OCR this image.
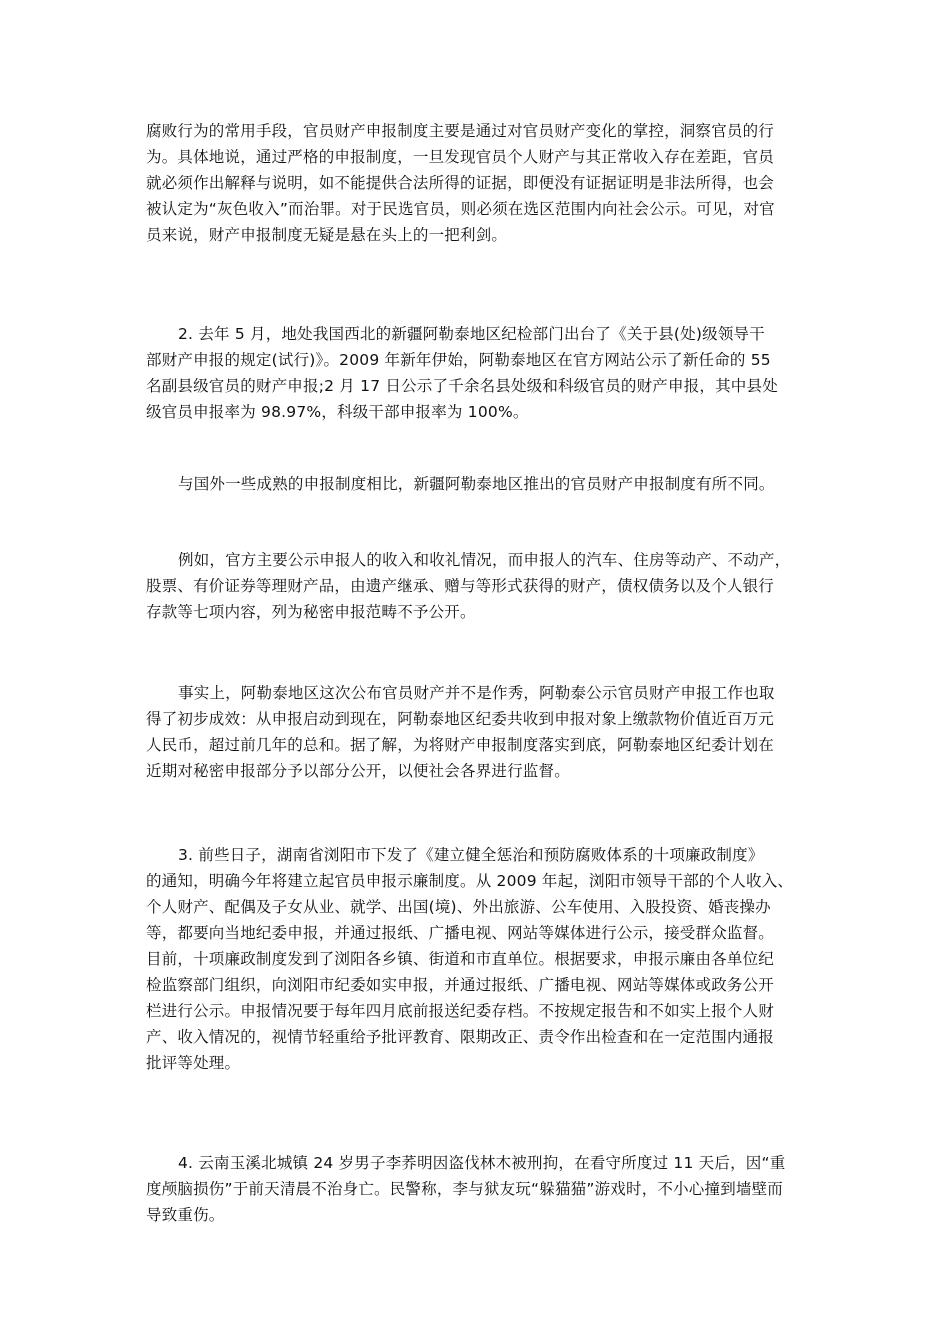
腐败行为的常用手段，官员财产申报制度主要是通过对官员财产变化的掌控，洞察官员的行
为。具体地说，通过严格的申报制度，一旦发现官员个人财产与其正常收入存在差距，官员
就必须作出解释与说明，如不能提供合法所得的证据，即便没有证据证明是非法所得，也会
被认定为“灰色收入”而治罪。对于民选官员，则必须在选区范围内向社会公示。可见，对官
员来说，财产申报制度无疑是悬在头上的一把利剑。
2. 去年 5 月，地处我国西北的新疆阿勒泰地区纪检部门出台了《关于县(处)级领导干
部财产申报的规定(试行)》。2009 年新年伊始，阿勒泰地区在官方网站公示了新任命的 55
名副县级官员的财产申报;2 月 17 日公示了千余名县处级和科级官员的财产申报，其中县处
级官员申报率为 98.97%，科级干部申报率为 100%。
与国外一些成熟的申报制度相比，新疆阿勒泰地区推出的官员财产申报制度有所不同。
例如，官方主要公示申报人的收入和收礼情况，而申报人的汽车、住房等动产、不动产，
股票、有价证券等理财产品，由遗产继承、赠与等形式获得的财产，债权债务以及个人银行
存款等七项内容，列为秘密申报范畴不予公开。
事实上，阿勒泰地区这次公布官员财产并不是作秀，阿勒泰公示官员财产申报工作也取
得了初步成效：从申报启动到现在，阿勒泰地区纪委共收到申报对象上缴款物价值近百万元
人民币，超过前几年的总和。据了解，为将财产申报制度落实到底，阿勒泰地区纪委计划在
近期对秘密申报部分予以部分公开，以便社会各界进行监督。
3. 前些日子，湖南省浏阳市下发了《建立健全惩治和预防腐败体系的十项廉政制度》
的通知，明确今年将建立起官员申报示廉制度。从 2009 年起，浏阳市领导干部的个人收入、
个人财产、配偶及子女从业、就学、出国(境)、外出旅游、公车使用、入股投资、婚丧操办
等，都要向当地纪委申报，并通过报纸、广播电视、网站等媒体进行公示，接受群众监督。
目前，十项廉政制度发到了浏阳各乡镇、街道和市直单位。根据要求，申报示廉由各单位纪
检监察部门组织，向浏阳市纪委如实申报，并通过报纸、广播电视、网站等媒体或政务公开
栏进行公示。申报情况要于每年四月底前报送纪委存档。不按规定报告和不如实上报个人财
产、收入情况的，视情节轻重给予批评教育、限期改正、责令作出检查和在一定范围内通报
批评等处理。
4. 云南玉溪北城镇 24 岁男子李荞明因盗伐林木被刑拘，在看守所度过 11 天后，因“重
度颅脑损伤”于前天清晨不治身亡。民警称，李与狱友玩“躲猫猫”游戏时，不小心撞到墙壁而
导致重伤。
